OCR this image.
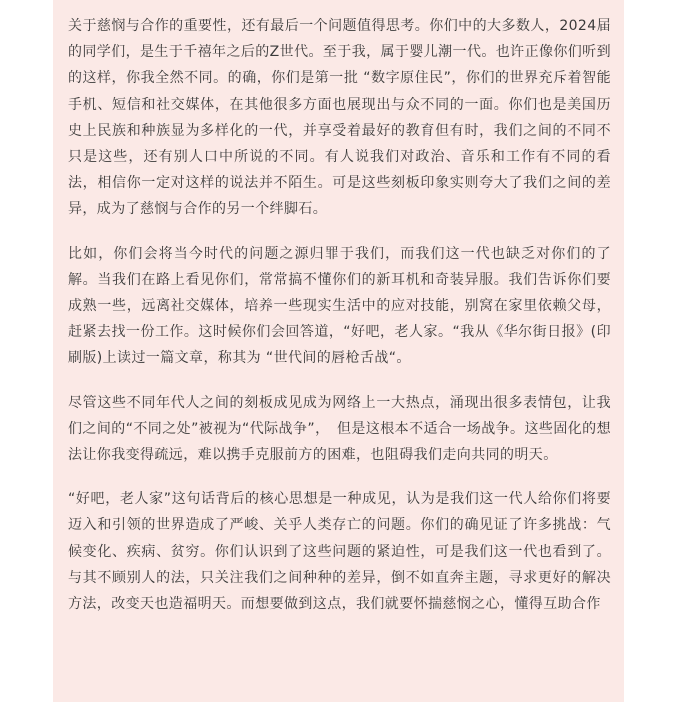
关于慈悯与合作的重要性，还有最后一个问题值得思考。你们中的大多数人，2024届的同学们，是生于千禧年之后的Z世代。至于我，属于婴儿潮一代。也许正像你们听到的这样，你我全然不同。的确，你们是第一批 “数字原住民”，你们的世界充斥着智能手机、短信和社交媒体，在其他很多方面也展现出与众不同的一面。你们也是美国历史上民族和种族显为多样化的一代，并享受着最好的教育但有时，我们之间的不同不只是这些，还有别人口中所说的不同。有人说我们对政治、音乐和工作有不同的看法，相信你一定对这样的说法并不陌生。可是这些刻板印象实则夸大了我们之间的差异，成为了慈悯与合作的另一个绊脚石。

比如，你们会将当今时代的问题之源归罪于我们，而我们这一代也缺乏对你们的了解。当我们在路上看见你们，常常搞不懂你们的新耳机和奇装异服。我们告诉你们要成熟一些，远离社交媒体，培养一些现实生活中的应对技能，别窝在家里依赖父母，赶紧去找一份工作。这时候你们会回答道，“好吧，老人家。“我从《华尔街日报》(印刷版)上读过一篇文章，称其为 “世代间的唇枪舌战“。

尽管这些不同年代人之间的刻板成见成为网络上一大热点，涌现出很多表情包，让我们之间的“不同之处”被视为“代际战争”，　但是这根本不适合一场战争。这些固化的想法让你我变得疏远，难以携手克服前方的困难，也阻碍我们走向共同的明天。

“好吧，老人家”这句话背后的核心思想是一种成见，认为是我们这一代人给你们将要迈入和引领的世界造成了严峻、关乎人类存亡的问题。你们的确见证了许多挑战：气候变化、疾病、贫穷。你们认识到了这些问题的紧迫性，可是我们这一代也看到了。与其不顾别人的法，只关注我们之间种种的差异，倒不如直奔主题，寻求更好的解决方法，改变天也造福明天。而想要做到这点，我们就要怀揣慈悯之心，懂得互助合作
